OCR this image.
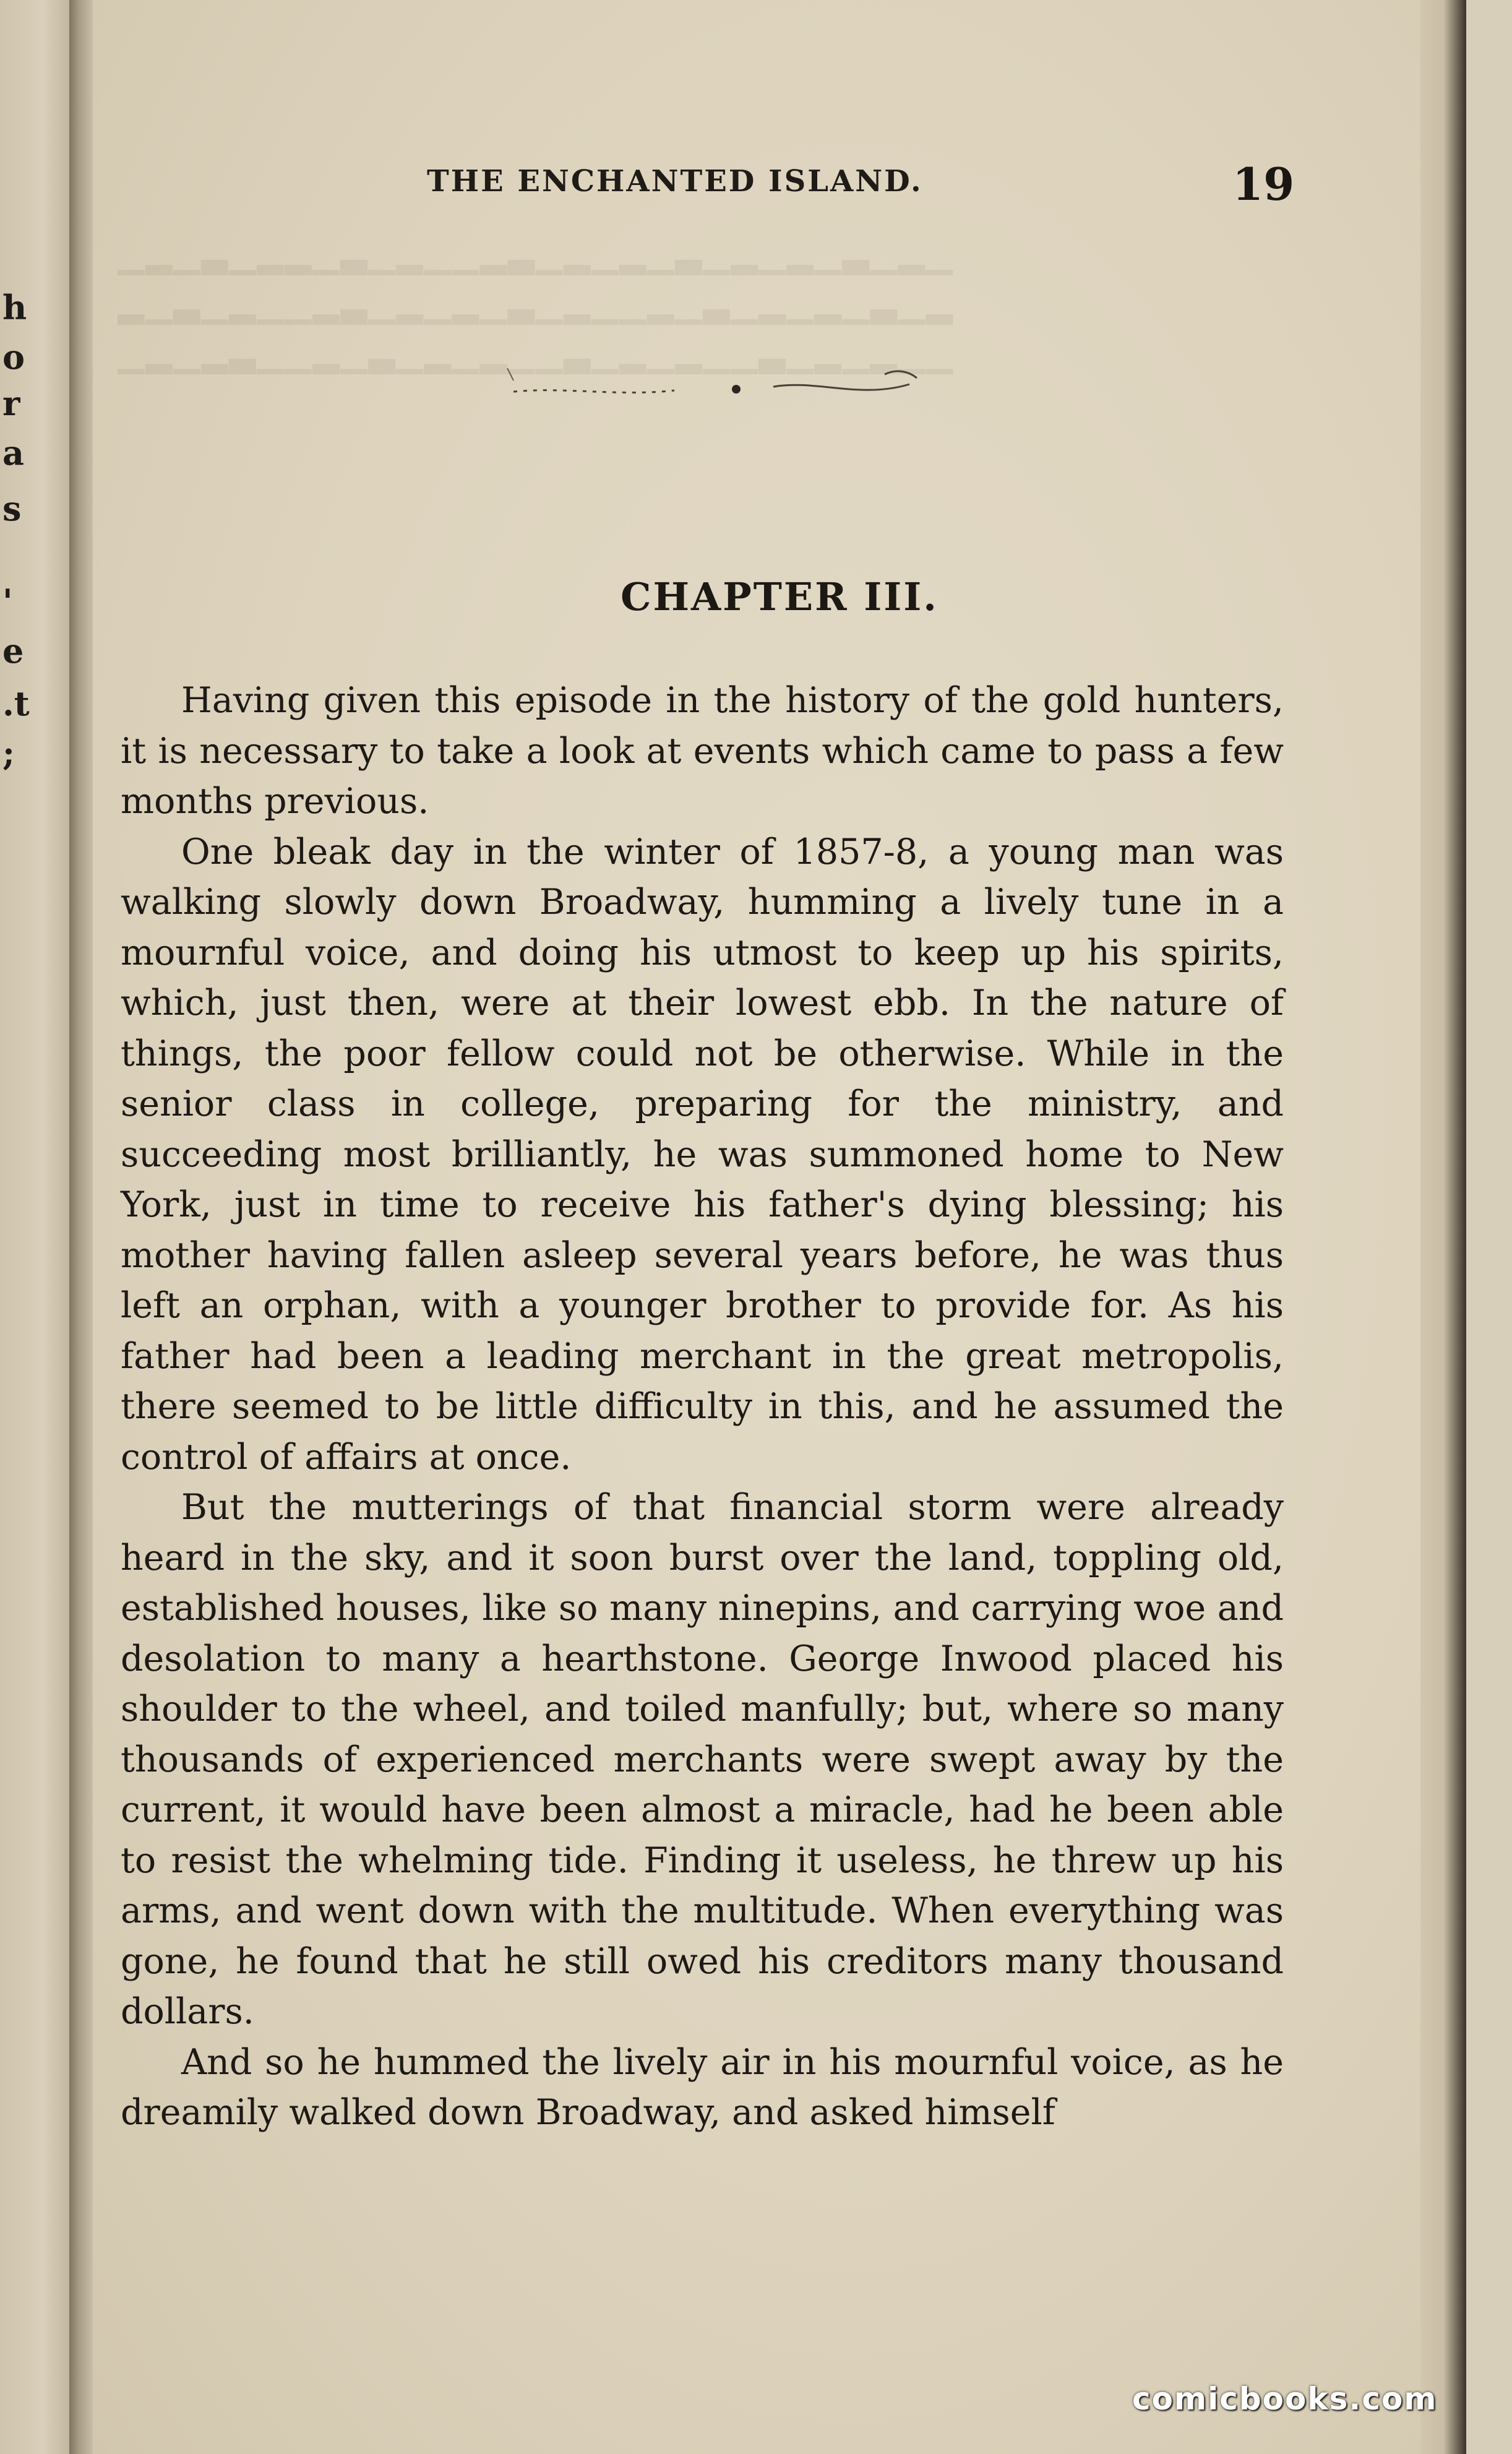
h
o
r
a
s
'
e
.t
;
▁▂▁▃▁▂▂▁▃▁▂▁▁▂▃▁▂▁▂▁▃▁▂▁▂▁▃▁▂▁
▂▁▃▁▂▁▁▂▃▁▂▁▂▁▃▁▂▁▁▂▁▃▁▂▁▂▁▃▁▂
▁▂▁▂▃▁▁▂▁▃▁▂▁▂▁▁▃▁▂▁▂▁▁▃▁▂▁▂▁▁
THE ENCHANTED ISLAND.	19
CHAPTER III.

Having given this episode in the history of the gold hunters, it is necessary to take a look at events which came to pass a few months previous.

One bleak day in the winter of 1857-8, a young man was walking slowly down Broadway, humming a lively tune in a mournful voice, and doing his utmost to keep up his spirits, which, just then, were at their lowest ebb. In the nature of things, the poor fellow could not be otherwise. While in the senior class in college, preparing for the ministry, and succeeding most brilliantly, he was summoned home to New York, just in time to receive his father's dying blessing; his mother having fallen asleep several years before, he was thus left an orphan, with a younger brother to provide for. As his father had been a leading merchant in the great metropolis, there seemed to be little difficulty in this, and he assumed the control of affairs at once.

But the mutterings of that financial storm were already heard in the sky, and it soon burst over the land, toppling old, established houses, like so many ninepins, and carrying woe and desolation to many a hearthstone. George Inwood placed his shoulder to the wheel, and toiled manfully; but, where so many thousands of experienced merchants were swept away by the current, it would have been almost a miracle, had he been able to resist the whelming tide. Finding it useless, he threw up his arms, and went down with the multitude. When everything was gone, he found that he still owed his creditors many thousand dollars.

And so he hummed the lively air in his mournful voice, as he dreamily walked down Broadway, and asked himself

comicbooks.com
